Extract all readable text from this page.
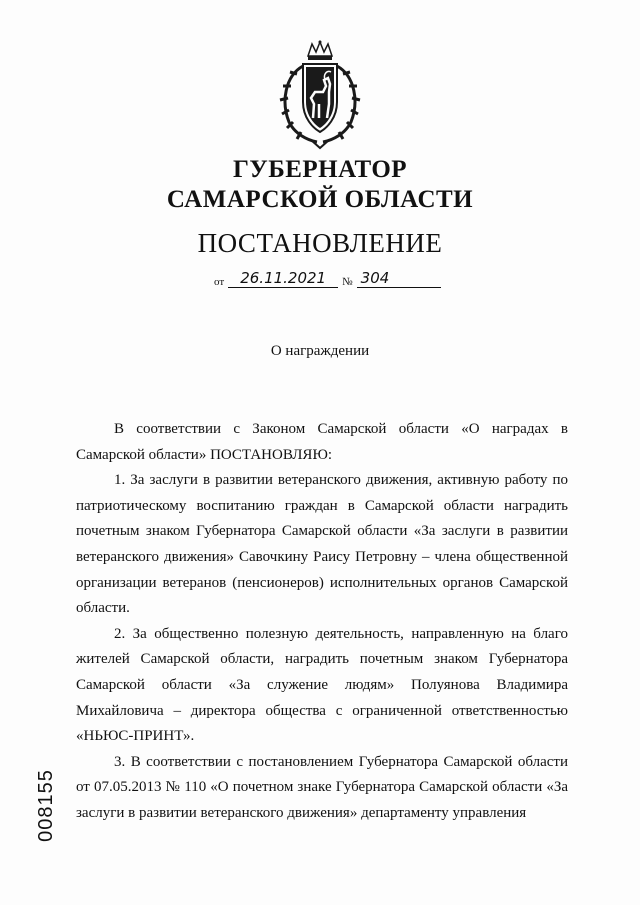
ГУБЕРНАТОР
САМАРСКОЙ ОБЛАСТИ
ПОСТАНОВЛЕНИЕ
от	26.11.2021	№ 304
О награждении

В соответствии с Законом Самарской области «О наградах в Самарской области» ПОСТАНОВЛЯЮ:

1. За заслуги в развитии ветеранского движения, активную работу по патриотическому воспитанию граждан в Самарской области наградить почетным знаком Губернатора Самарской области «За заслуги в развитии ветеранского движения» Савочкину Раису Петровну – члена общественной организации ветеранов (пенсионеров) исполнительных органов Самарской области.

2. За общественно полезную деятельность, направленную на благо жителей Самарской области, наградить почетным знаком Губернатора Самарской области «За служение людям» Полуянова Владимира Михайловича – директора общества с ограниченной ответственностью «НЬЮС-ПРИНТ».

3. В соответствии с постановлением Губернатора Самарской области от 07.05.2013 № 110 «О почетном знаке Губернатора Самарской области «За заслуги в развитии ветеранского движения» департаменту управления

008155
